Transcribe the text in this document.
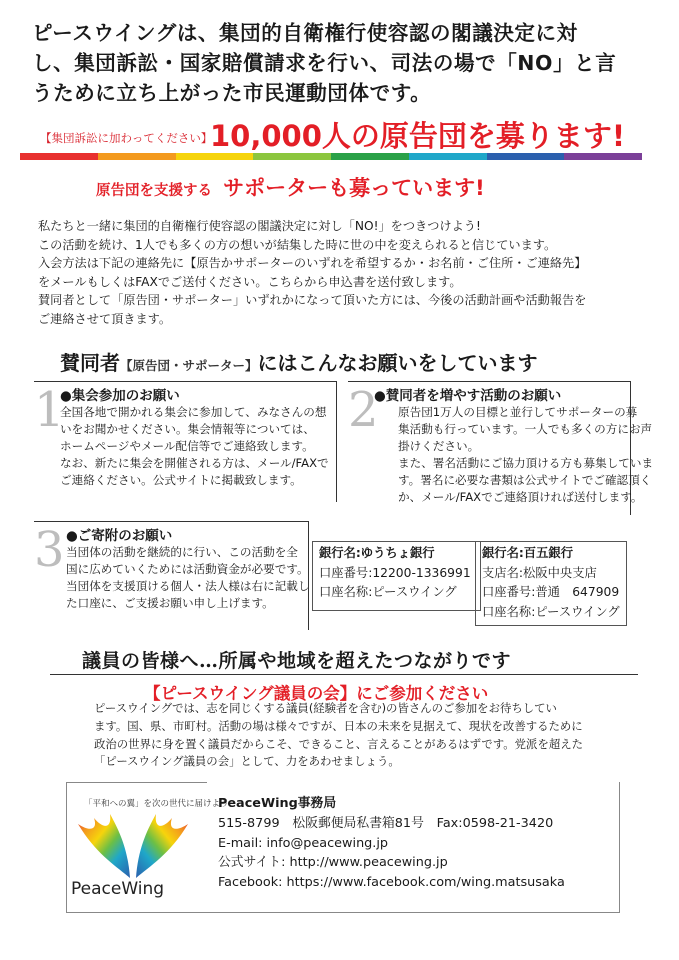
ピースウイングは、集団的自衛権行使容認の閣議決定に対
し、集団訴訟・国家賠償請求を行い、司法の場で「NO」と言
うために立ち上がった市民運動団体です。
【集団訴訟に加わってください】
10,000人の原告団を募ります!
原告団を支援する サポーターも募っています!
私たちと一緒に集団的自衛権行使容認の閣議決定に対し「NO!」をつきつけよう!
この活動を続け、1人でも多くの方の想いが結集した時に世の中を変えられると信じています。
入会方法は下記の連絡先に【原告かサポーターのいずれを希望するか・お名前・ご住所・ご連絡先】
をメールもしくはFAXでご送付ください。こちらから申込書を送付致します。
賛同者として「原告団・サポーター」いずれかになって頂いた方には、今後の活動計画や活動報告を
ご連絡させて頂きます。
賛同者【原告団・サポーター】にはこんなお願いをしています
1
●集会参加のお願い
全国各地で開かれる集会に参加して、みなさんの想
いをお聞かせください。集会情報等については、
ホームページやメール配信等でご連絡致します。
なお、新たに集会を開催される方は、メール/FAXで
ご連絡ください。公式サイトに掲載致します。
2
●賛同者を増やす活動のお願い
原告団1万人の目標と並行してサポーターの募
集活動も行っています。一人でも多くの方にお声
掛けください。
また、署名活動にご協力頂ける方も募集していま
す。署名に必要な書類は公式サイトでご確認頂く
か、メール/FAXでご連絡頂ければ送付します。
3 ●ご寄附のお願い
当団体の活動を継続的に行い、この活動を全
国に広めていくためには活動資金が必要です。
当団体を支援頂ける個人・法人様は右に記載し
た口座に、ご支援お願い申し上げます。
銀行名:ゆうちょ銀行
口座番号:12200-1336991
口座名称:ピースウイング
銀行名:百五銀行
支店名:松阪中央支店
口座番号:普通　647909
口座名称:ピースウイング
議員の皆様へ…所属や地域を超えたつながりです
【ピースウイング議員の会】にご参加ください
ピースウイングでは、志を同じくする議員(経験者を含む)の皆さんのご参加をお待ちしてい
ます。国、県、市町村。活動の場は様々ですが、日本の未来を見据えて、現状を改善するために
政治の世界に身を置く議員だからこそ、できること、言えることがあるはずです。党派を超えた
「ピースウイング議員の会」として、力をあわせましょう。
「平和への翼」を次の世代に届けよう
PeaceWing
PeaceWing事務局
515-8799　松阪郵便局私書箱81号　Fax:0598-21-3420
E-mail: info@peacewing.jp
公式サイト: http://www.peacewing.jp
Facebook: https://www.facebook.com/wing.matsusaka
